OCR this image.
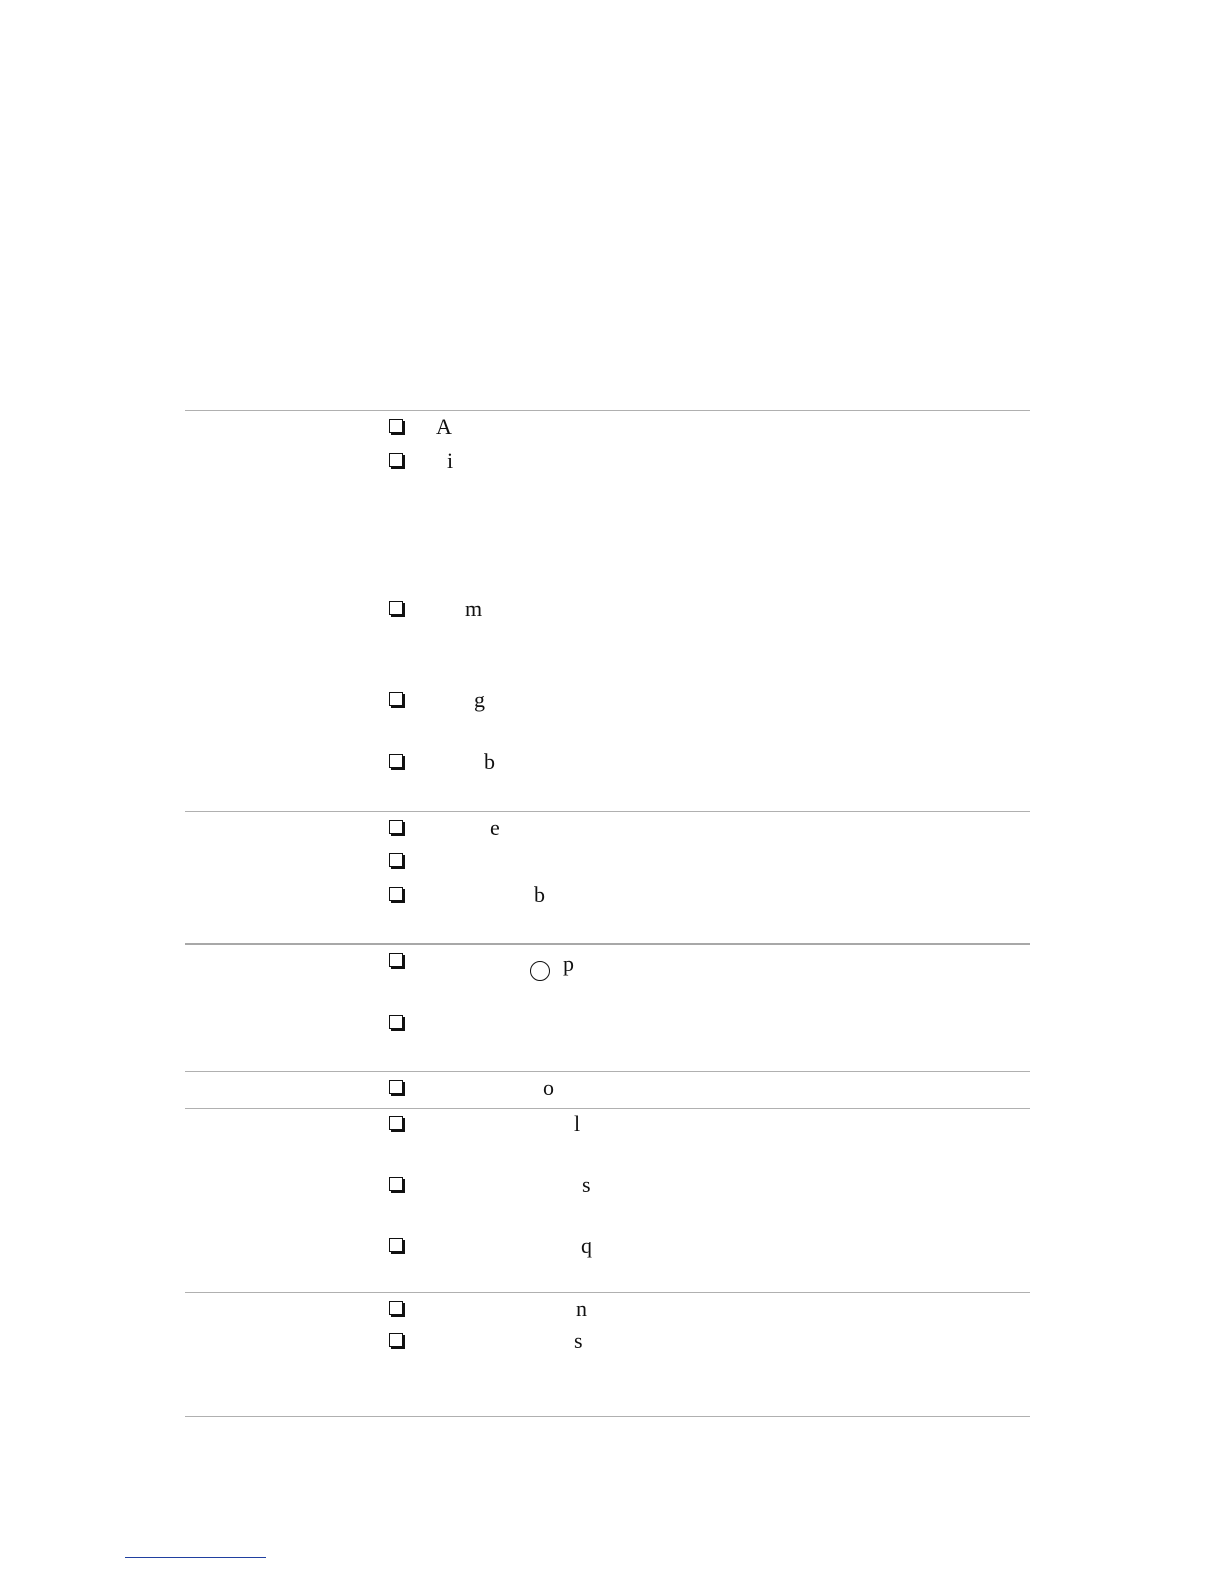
A
i
m
g
b
e
b
p
o
l
s
q
n
s
